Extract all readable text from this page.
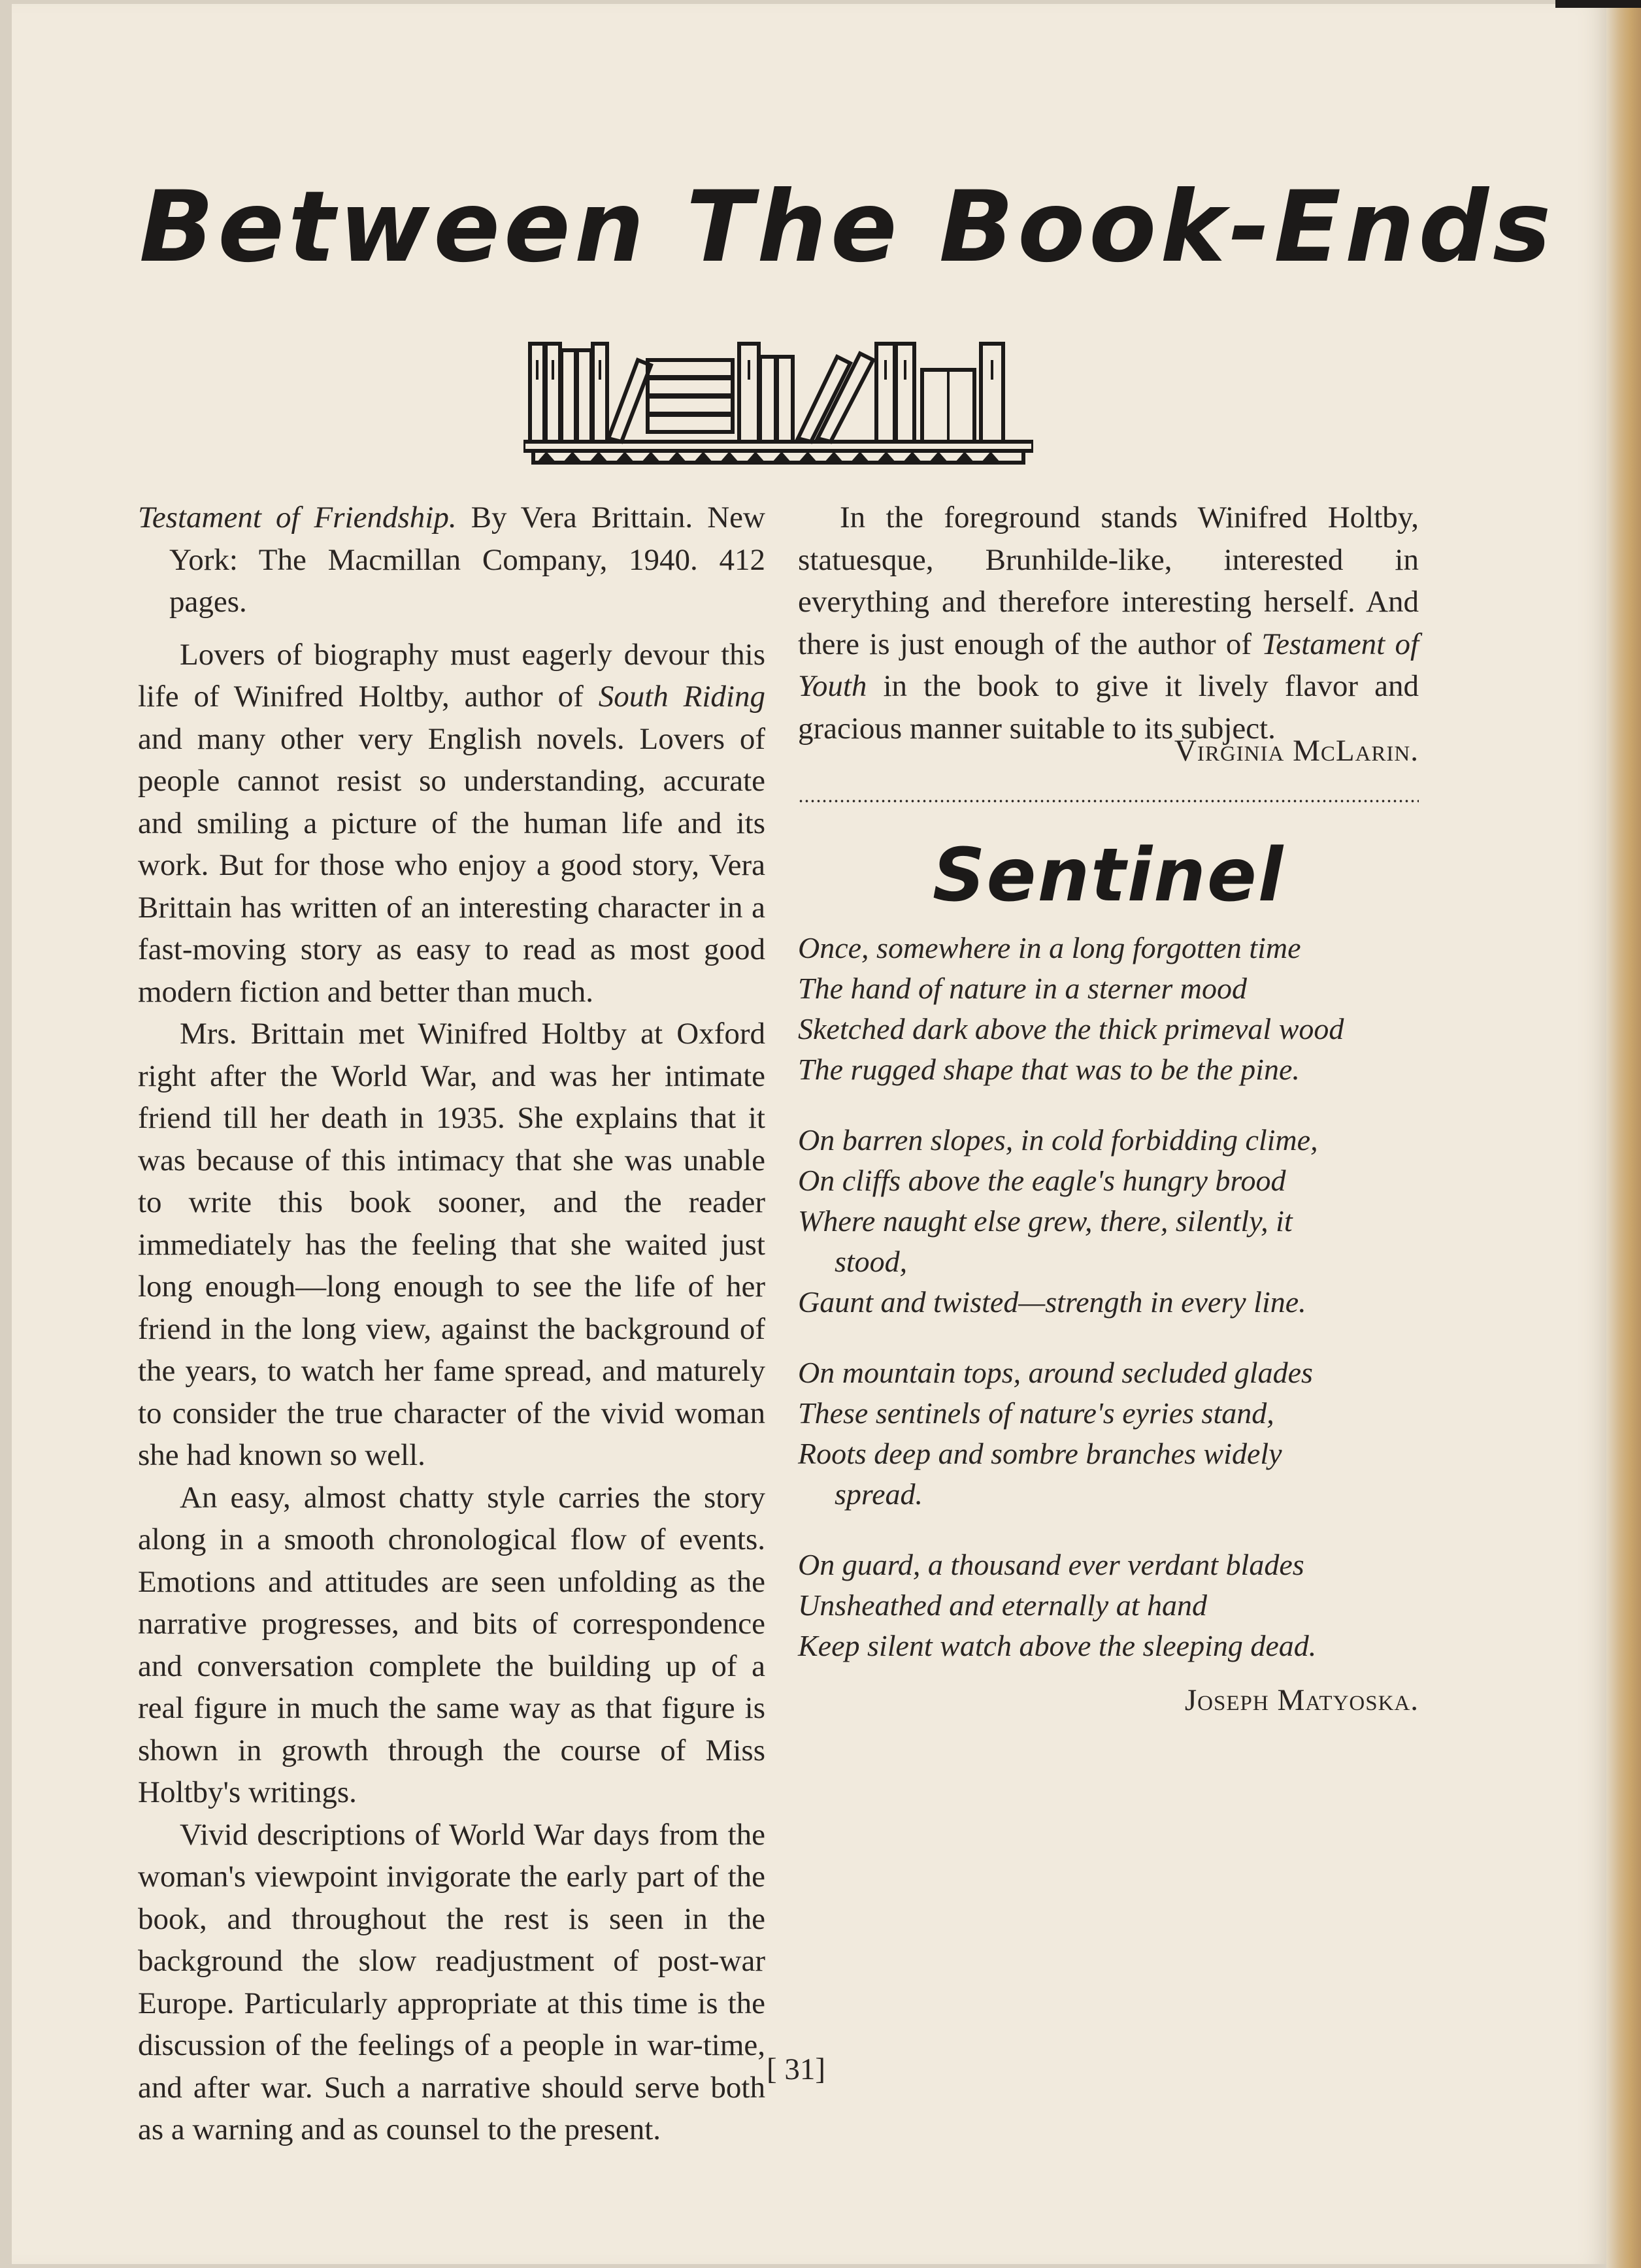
Between The Book-Ends

Testament of Friendship. By Vera Brittain. New York: The Macmillan Company, 1940. 412 pages.

Lovers of biography must eagerly devour this life of Winifred Holtby, author of South Riding and many other very English novels. Lovers of people cannot resist so understanding, accurate and smiling a picture of the human life and its work. But for those who enjoy a good story, Vera Brittain has written of an interesting character in a fast-moving story as easy to read as most good modern fiction and better than much.

Mrs. Brittain met Winifred Holtby at Oxford right after the World War, and was her intimate friend till her death in 1935. She explains that it was because of this intimacy that she was unable to write this book sooner, and the reader immediately has the feeling that she waited just long enough—long enough to see the life of her friend in the long view, against the background of the years, to watch her fame spread, and maturely to consider the true character of the vivid woman she had known so well.

An easy, almost chatty style carries the story along in a smooth chronological flow of events. Emotions and attitudes are seen unfolding as the narrative progresses, and bits of correspondence and conversation complete the building up of a real figure in much the same way as that figure is shown in growth through the course of Miss Holtby's writings.

Vivid descriptions of World War days from the woman's viewpoint invigorate the early part of the book, and throughout the rest is seen in the background the slow readjustment of post-war Europe. Particularly appropriate at this time is the discussion of the feelings of a people in war-time, and after war. Such a narrative should serve both as a warning and as counsel to the present.

In the foreground stands Winifred Holtby, statuesque, Brunhilde-like, interested in everything and therefore interesting herself. And there is just enough of the author of Testament of Youth in the book to give it lively flavor and gracious manner suitable to its subject.

Virginia McLarin.
Sentinel
Once, somewhere in a long forgotten time
The hand of nature in a sterner mood
Sketched dark above the thick primeval wood
The rugged shape that was to be the pine.
On barren slopes, in cold forbidding clime,
On cliffs above the eagle's hungry brood
Where naught else grew, there, silently, it
stood,
Gaunt and twisted—strength in every line.
On mountain tops, around secluded glades
These sentinels of nature's eyries stand,
Roots deep and sombre branches widely
spread.
On guard, a thousand ever verdant blades
Unsheathed and eternally at hand
Keep silent watch above the sleeping dead.
Joseph Matyoska.
[ 31]
